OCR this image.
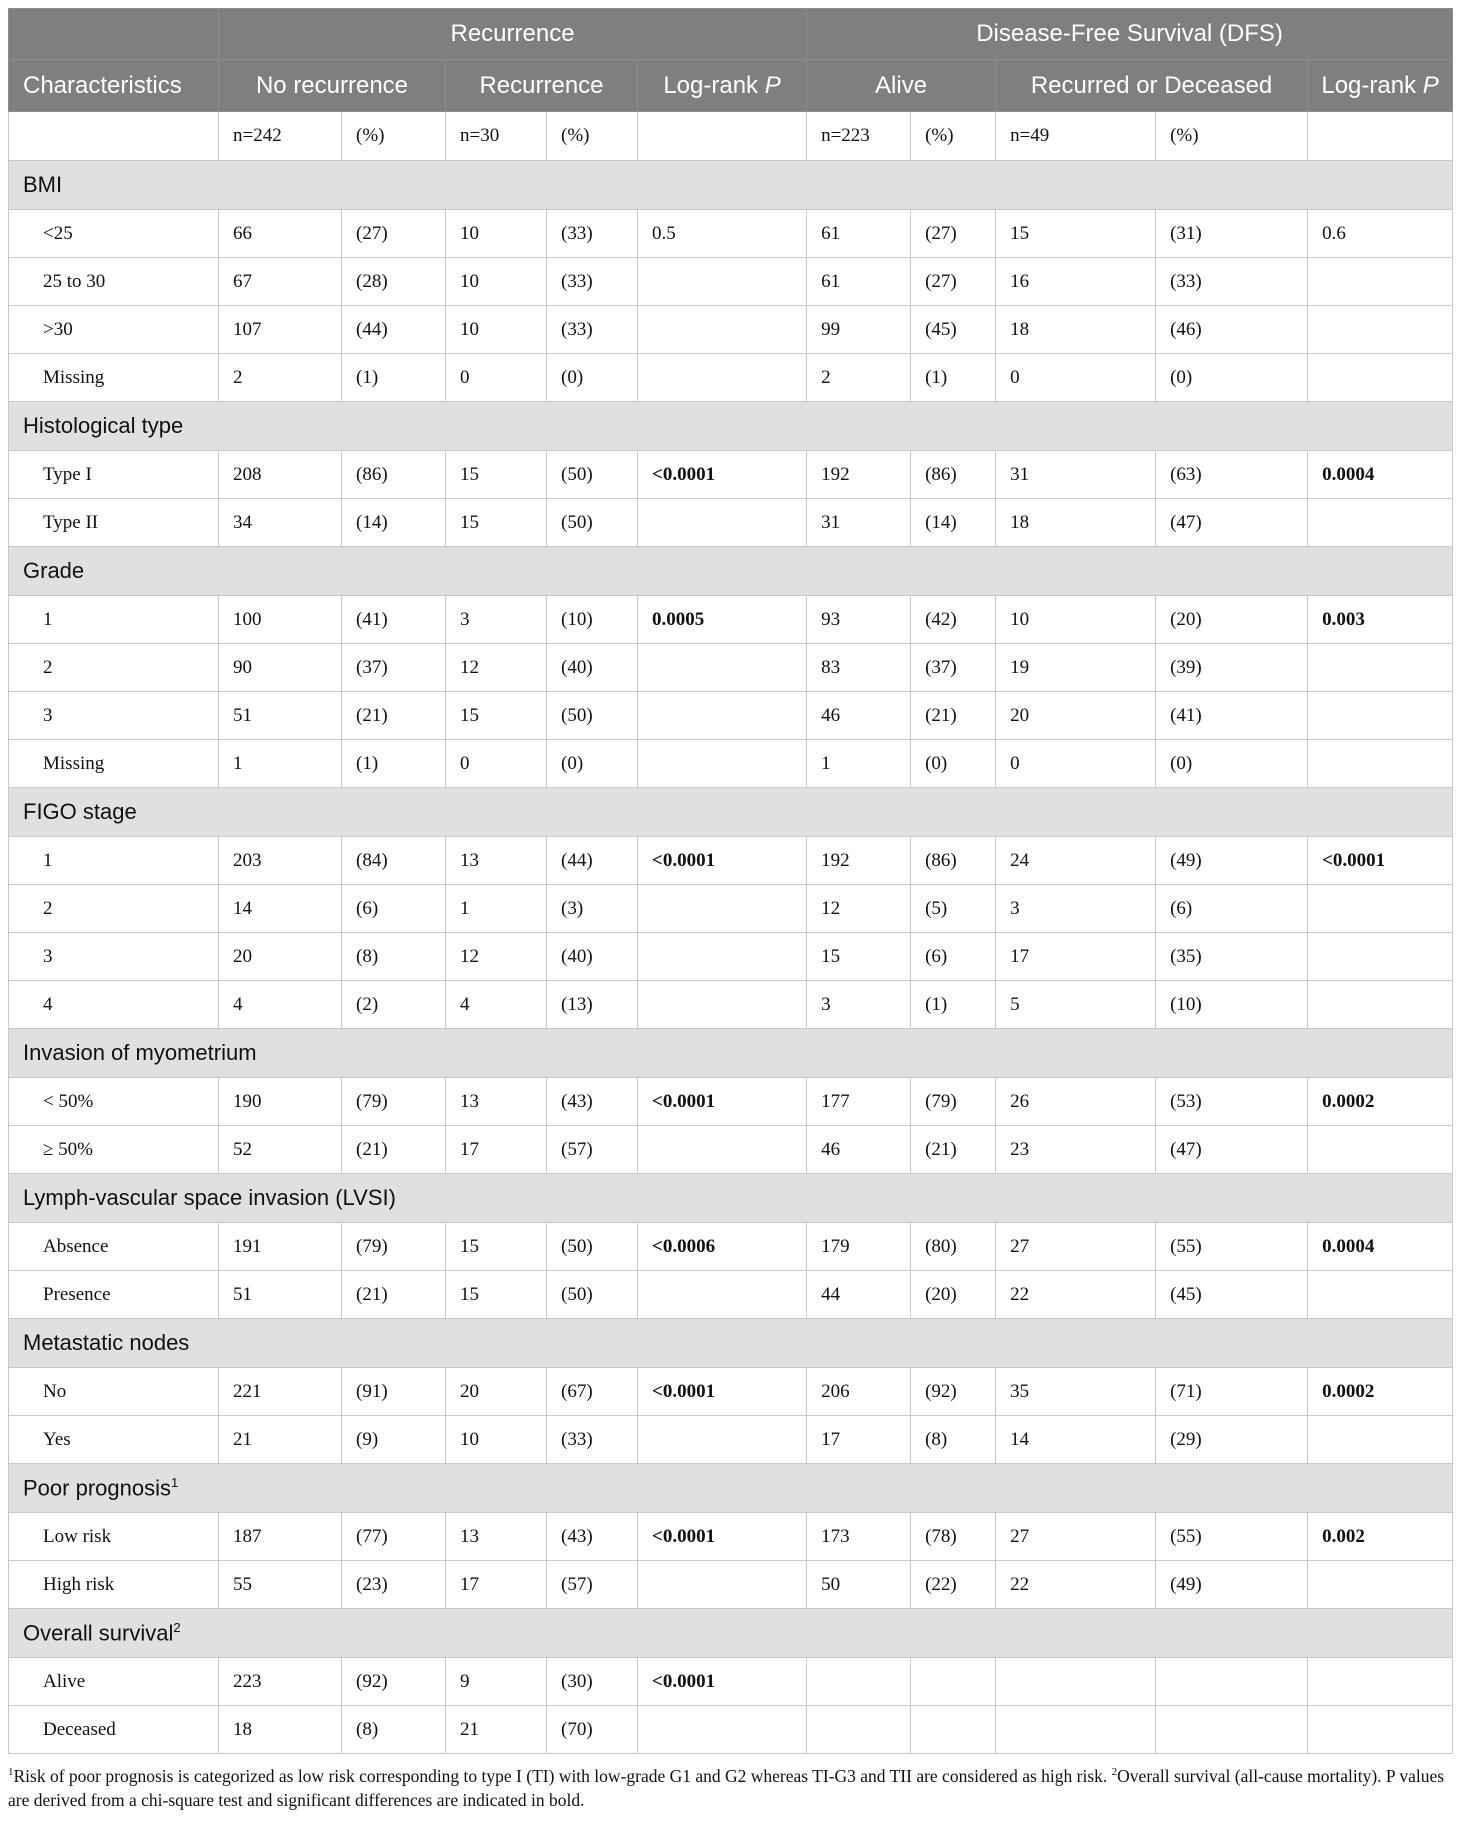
	Recurrence					Disease-Free Survival (DFS)				
Characteristics	No recurrence		Recurrence		Log-rank P	Alive		Recurred or Deceased		Log-rank P
	n=242	(%)	n=30	(%)		n=223	(%)	n=49	(%)	
BMI										
<25	66	(27)	10	(33)	0.5	61	(27)	15	(31)	0.6
25 to 30	67	(28)	10	(33)		61	(27)	16	(33)	
>30	107	(44)	10	(33)		99	(45)	18	(46)	
Missing	2	(1)	0	(0)		2	(1)	0	(0)	
Histological type										
Type I	208	(86)	15	(50)	<0.0001	192	(86)	31	(63)	0.0004
Type II	34	(14)	15	(50)		31	(14)	18	(47)	
Grade										
1	100	(41)	3	(10)	0.0005	93	(42)	10	(20)	0.003
2	90	(37)	12	(40)		83	(37)	19	(39)	
3	51	(21)	15	(50)		46	(21)	20	(41)	
Missing	1	(1)	0	(0)		1	(0)	0	(0)	
FIGO stage										
1	203	(84)	13	(44)	<0.0001	192	(86)	24	(49)	<0.0001
2	14	(6)	1	(3)		12	(5)	3	(6)	
3	20	(8)	12	(40)		15	(6)	17	(35)	
4	4	(2)	4	(13)		3	(1)	5	(10)	
Invasion of myometrium										
< 50%	190	(79)	13	(43)	<0.0001	177	(79)	26	(53)	0.0002
≥ 50%	52	(21)	17	(57)		46	(21)	23	(47)	
Lymph-vascular space invasion (LVSI)										
Absence	191	(79)	15	(50)	<0.0006	179	(80)	27	(55)	0.0004
Presence	51	(21)	15	(50)		44	(20)	22	(45)	
Metastatic nodes										
No	221	(91)	20	(67)	<0.0001	206	(92)	35	(71)	0.0002
Yes	21	(9)	10	(33)		17	(8)	14	(29)	
Poor prognosis$^1$
Low risk	187	(77)	13	(43)	<0.0001	173	(78)	27	(55)	0.002
High risk	55	(23)	17	(57)		50	(22)	22	(49)	
Overall survival$^2$
Alive	223	(92)	9	(30)	<0.0001					
Deceased	18	(8)	21	(70)						
$^1$Risk of poor prognosis is categorized as low risk corresponding to type I (TI) with low-grade G1 and G2 whereas TI-G3 and TII are considered as high risk. $^2$Overall survival (all-cause mortality). P values are derived from a chi-square test and significant differences are indicated in bold.
